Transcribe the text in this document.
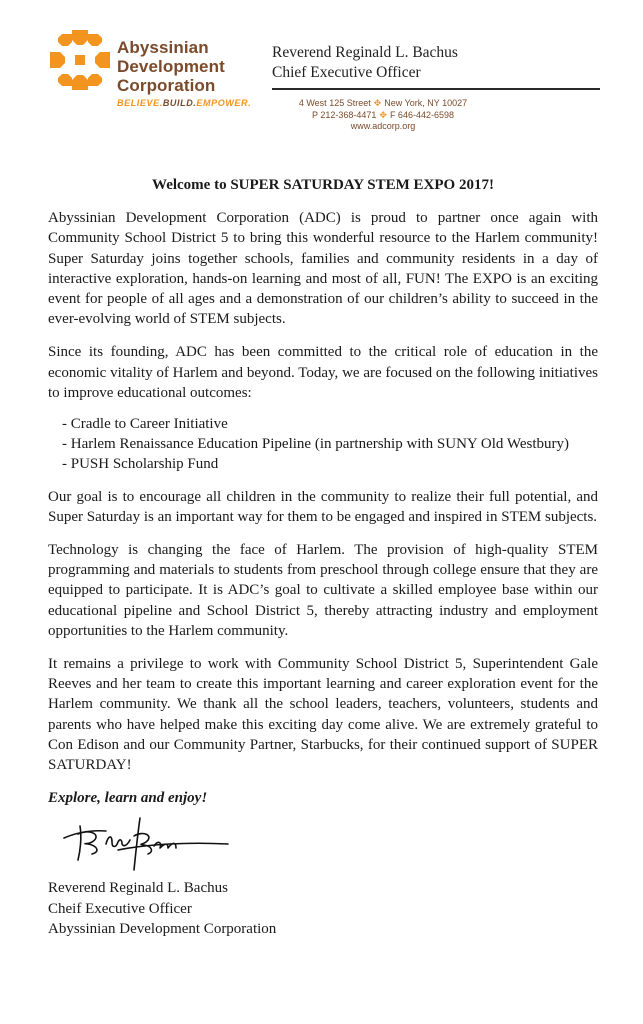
Abyssinian
Development
Corporation
BELIEVE.BUILD.EMPOWER.
Reverend Reginald L. Bachus
Chief Executive Officer
4 West 125 Street ✥ New York, NY 10027
P 212-368-4471 ✥ F 646-442-6598
www.adcorp.org
Welcome to SUPER SATURDAY STEM EXPO 2017!

Abyssinian Development Corporation (ADC) is proud to partner once again with Community School District 5 to bring this wonderful resource to the Harlem community! Super Saturday joins together schools, families and community residents in a day of interactive exploration, hands-on learning and most of all, FUN! The EXPO is an exciting event for people of all ages and a demonstration of our children’s ability to succeed in the ever-evolving world of STEM subjects.

Since its founding, ADC has been committed to the critical role of education in the economic vitality of Harlem and beyond. Today, we are focused on the following initiatives to improve educational outcomes:

- Cradle to Career Initiative
- Harlem Renaissance Education Pipeline (in partnership with SUNY Old Westbury)
- PUSH Scholarship Fund

Our goal is to encourage all children in the community to realize their full potential, and Super Saturday is an important way for them to be engaged and inspired in STEM subjects.

Technology is changing the face of Harlem. The provision of high-quality STEM programming and materials to students from preschool through college ensure that they are equipped to participate. It is ADC’s goal to cultivate a skilled employee base within our educational pipeline and School District 5, thereby attracting industry and employment opportunities to the Harlem community.

It remains a privilege to work with Community School District 5, Superintendent Gale Reeves and her team to create this important learning and career exploration event for the Harlem community. We thank all the school leaders, teachers, volunteers, students and parents who have helped make this exciting day come alive. We are extremely grateful to Con Edison and our Community Partner, Starbucks, for their continued support of SUPER SATURDAY!

Explore, learn and enjoy!
Reverend Reginald L. Bachus
Cheif Executive Officer
Abyssinian Development Corporation
